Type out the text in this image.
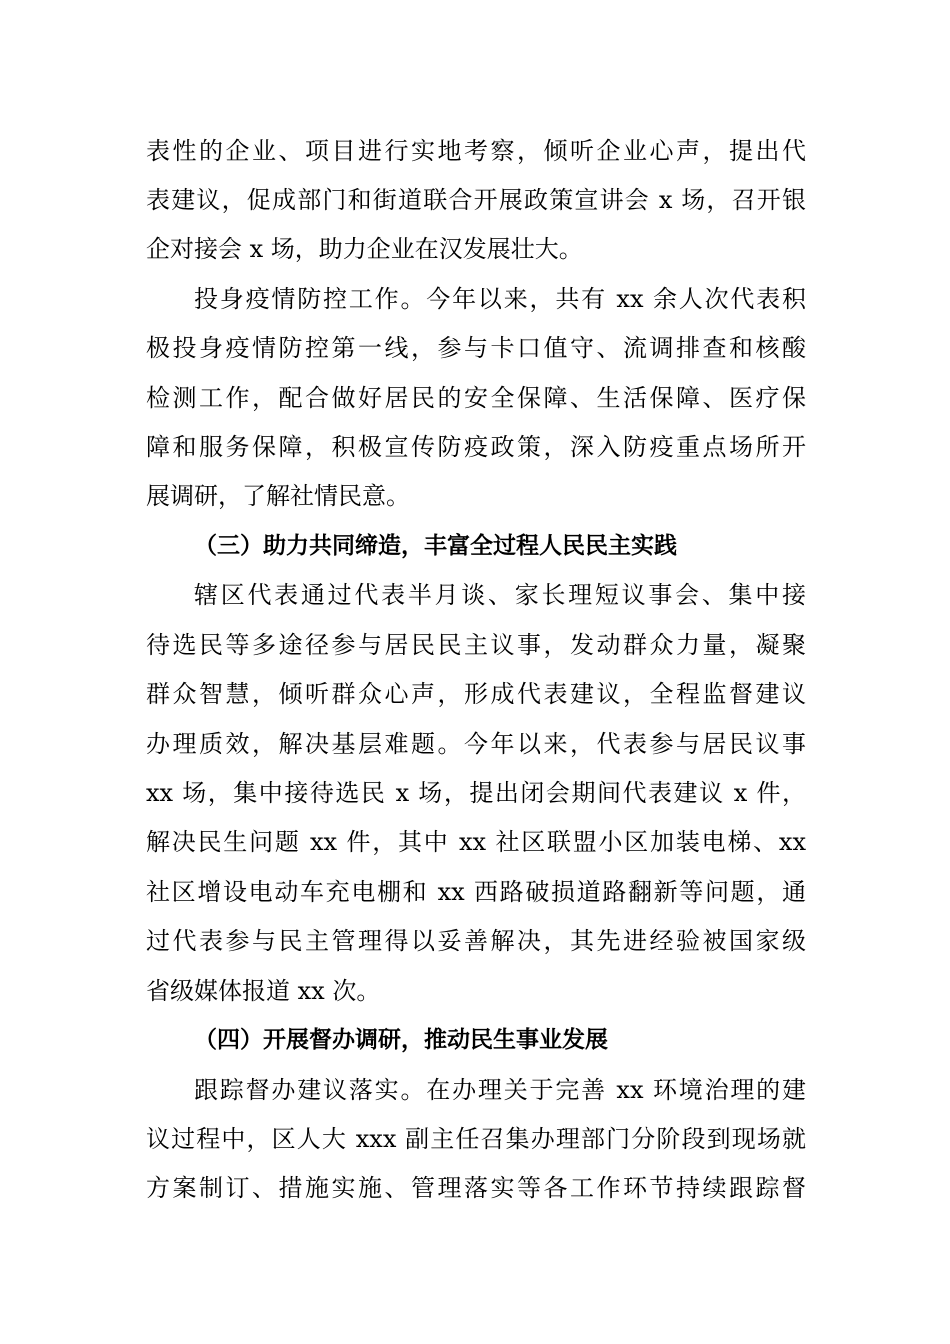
表性的企业、项目进行实地考察，倾听企业心声，提出代
表建议，促成部门和街道联合开展政策宣讲会 x 场，召开银
企对接会 x 场，助力企业在汉发展壮大。
投身疫情防控工作。今年以来，共有 xx 余人次代表积
极投身疫情防控第一线，参与卡口值守、流调排查和核酸
检测工作，配合做好居民的安全保障、生活保障、医疗保
障和服务保障，积极宣传防疫政策，深入防疫重点场所开
展调研，了解社情民意。
（三）助力共同缔造，丰富全过程人民民主实践
辖区代表通过代表半月谈、家长理短议事会、集中接
待选民等多途径参与居民民主议事，发动群众力量，凝聚
群众智慧，倾听群众心声，形成代表建议，全程监督建议
办理质效，解决基层难题。今年以来，代表参与居民议事
xx 场，集中接待选民 x 场，提出闭会期间代表建议 x 件，
解决民生问题 xx 件，其中 xx 社区联盟小区加装电梯、xx
社区增设电动车充电棚和 xx 西路破损道路翻新等问题，通
过代表参与民主管理得以妥善解决，其先进经验被国家级
省级媒体报道 xx 次。
（四）开展督办调研，推动民生事业发展
跟踪督办建议落实。在办理关于完善 xx 环境治理的建
议过程中，区人大 xxx 副主任召集办理部门分阶段到现场就
方案制订、措施实施、管理落实等各工作环节持续跟踪督
